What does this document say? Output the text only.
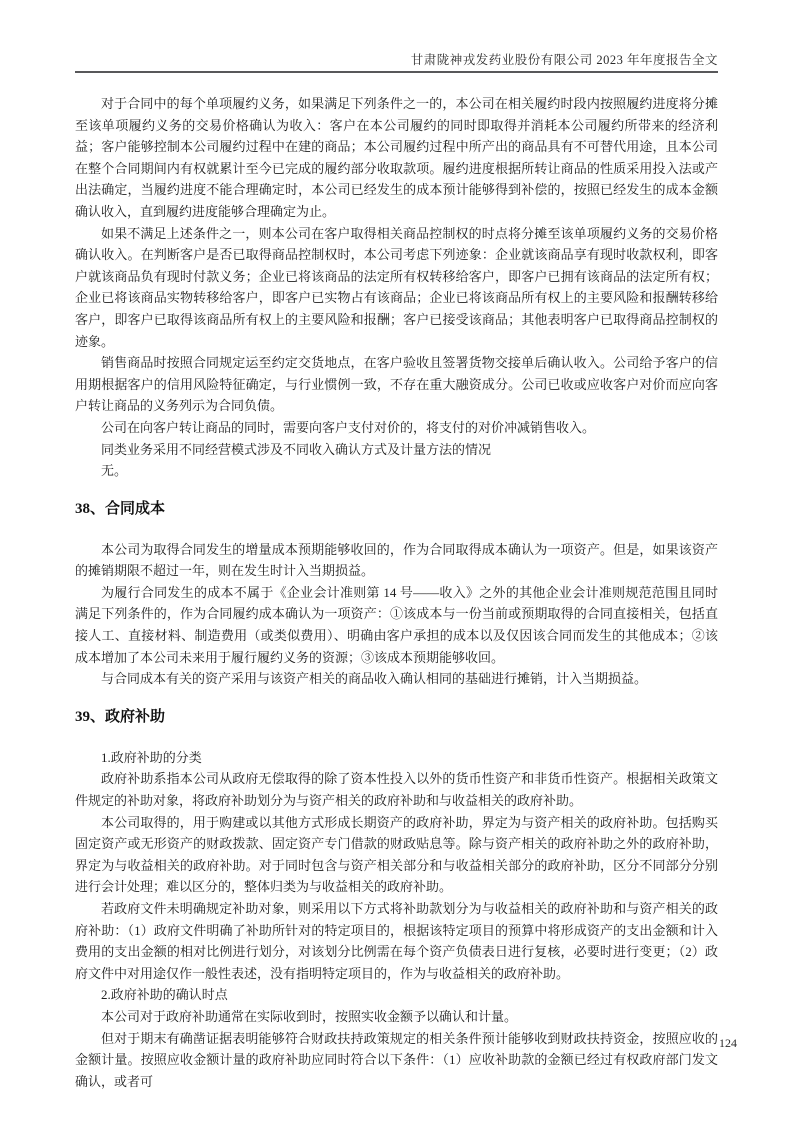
甘肃陇神戎发药业股份有限公司 2023 年年度报告全文

对于合同中的每个单项履约义务，如果满足下列条件之一的，本公司在相关履约时段内按照履约进度将分摊至该单项履约义务的交易价格确认为收入：客户在本公司履约的同时即取得并消耗本公司履约所带来的经济利益；客户能够控制本公司履约过程中在建的商品；本公司履约过程中所产出的商品具有不可替代用途，且本公司在整个合同期间内有权就累计至今已完成的履约部分收取款项。履约进度根据所转让商品的性质采用投入法或产出法确定，当履约进度不能合理确定时，本公司已经发生的成本预计能够得到补偿的，按照已经发生的成本金额确认收入，直到履约进度能够合理确定为止。

如果不满足上述条件之一，则本公司在客户取得相关商品控制权的时点将分摊至该单项履约义务的交易价格确认收入。在判断客户是否已取得商品控制权时，本公司考虑下列迹象：企业就该商品享有现时收款权利，即客户就该商品负有现时付款义务；企业已将该商品的法定所有权转移给客户，即客户已拥有该商品的法定所有权；企业已将该商品实物转移给客户，即客户已实物占有该商品；企业已将该商品所有权上的主要风险和报酬转移给客户，即客户已取得该商品所有权上的主要风险和报酬；客户已接受该商品；其他表明客户已取得商品控制权的迹象。

销售商品时按照合同规定运至约定交货地点，在客户验收且签署货物交接单后确认收入。公司给予客户的信用期根据客户的信用风险特征确定，与行业惯例一致，不存在重大融资成分。公司已收或应收客户对价而应向客户转让商品的义务列示为合同负债。

公司在向客户转让商品的同时，需要向客户支付对价的，将支付的对价冲减销售收入。

同类业务采用不同经营模式涉及不同收入确认方式及计量方法的情况

无。

38、合同成本

本公司为取得合同发生的增量成本预期能够收回的，作为合同取得成本确认为一项资产。但是，如果该资产的摊销期限不超过一年，则在发生时计入当期损益。

为履行合同发生的成本不属于《企业会计准则第 14 号——收入》之外的其他企业会计准则规范范围且同时满足下列条件的，作为合同履约成本确认为一项资产：①该成本与一份当前或预期取得的合同直接相关，包括直接人工、直接材料、制造费用（或类似费用）、明确由客户承担的成本以及仅因该合同而发生的其他成本；②该成本增加了本公司未来用于履行履约义务的资源；③该成本预期能够收回。

与合同成本有关的资产采用与该资产相关的商品收入确认相同的基础进行摊销，计入当期损益。

39、政府补助

1.政府补助的分类

政府补助系指本公司从政府无偿取得的除了资本性投入以外的货币性资产和非货币性资产。根据相关政策文件规定的补助对象，将政府补助划分为与资产相关的政府补助和与收益相关的政府补助。

本公司取得的，用于购建或以其他方式形成长期资产的政府补助，界定为与资产相关的政府补助。包括购买固定资产或无形资产的财政拨款、固定资产专门借款的财政贴息等。除与资产相关的政府补助之外的政府补助，界定为与收益相关的政府补助。对于同时包含与资产相关部分和与收益相关部分的政府补助，区分不同部分分别进行会计处理；难以区分的，整体归类为与收益相关的政府补助。

若政府文件未明确规定补助对象，则采用以下方式将补助款划分为与收益相关的政府补助和与资产相关的政府补助：（1）政府文件明确了补助所针对的特定项目的，根据该特定项目的预算中将形成资产的支出金额和计入费用的支出金额的相对比例进行划分，对该划分比例需在每个资产负债表日进行复核，必要时进行变更；（2）政府文件中对用途仅作一般性表述，没有指明特定项目的，作为与收益相关的政府补助。

2.政府补助的确认时点

本公司对于政府补助通常在实际收到时，按照实收金额予以确认和计量。

但对于期末有确凿证据表明能够符合财政扶持政策规定的相关条件预计能够收到财政扶持资金，按照应收的金额计量。按照应收金额计量的政府补助应同时符合以下条件：（1）应收补助款的金额已经过有权政府部门发文确认，或者可

124
